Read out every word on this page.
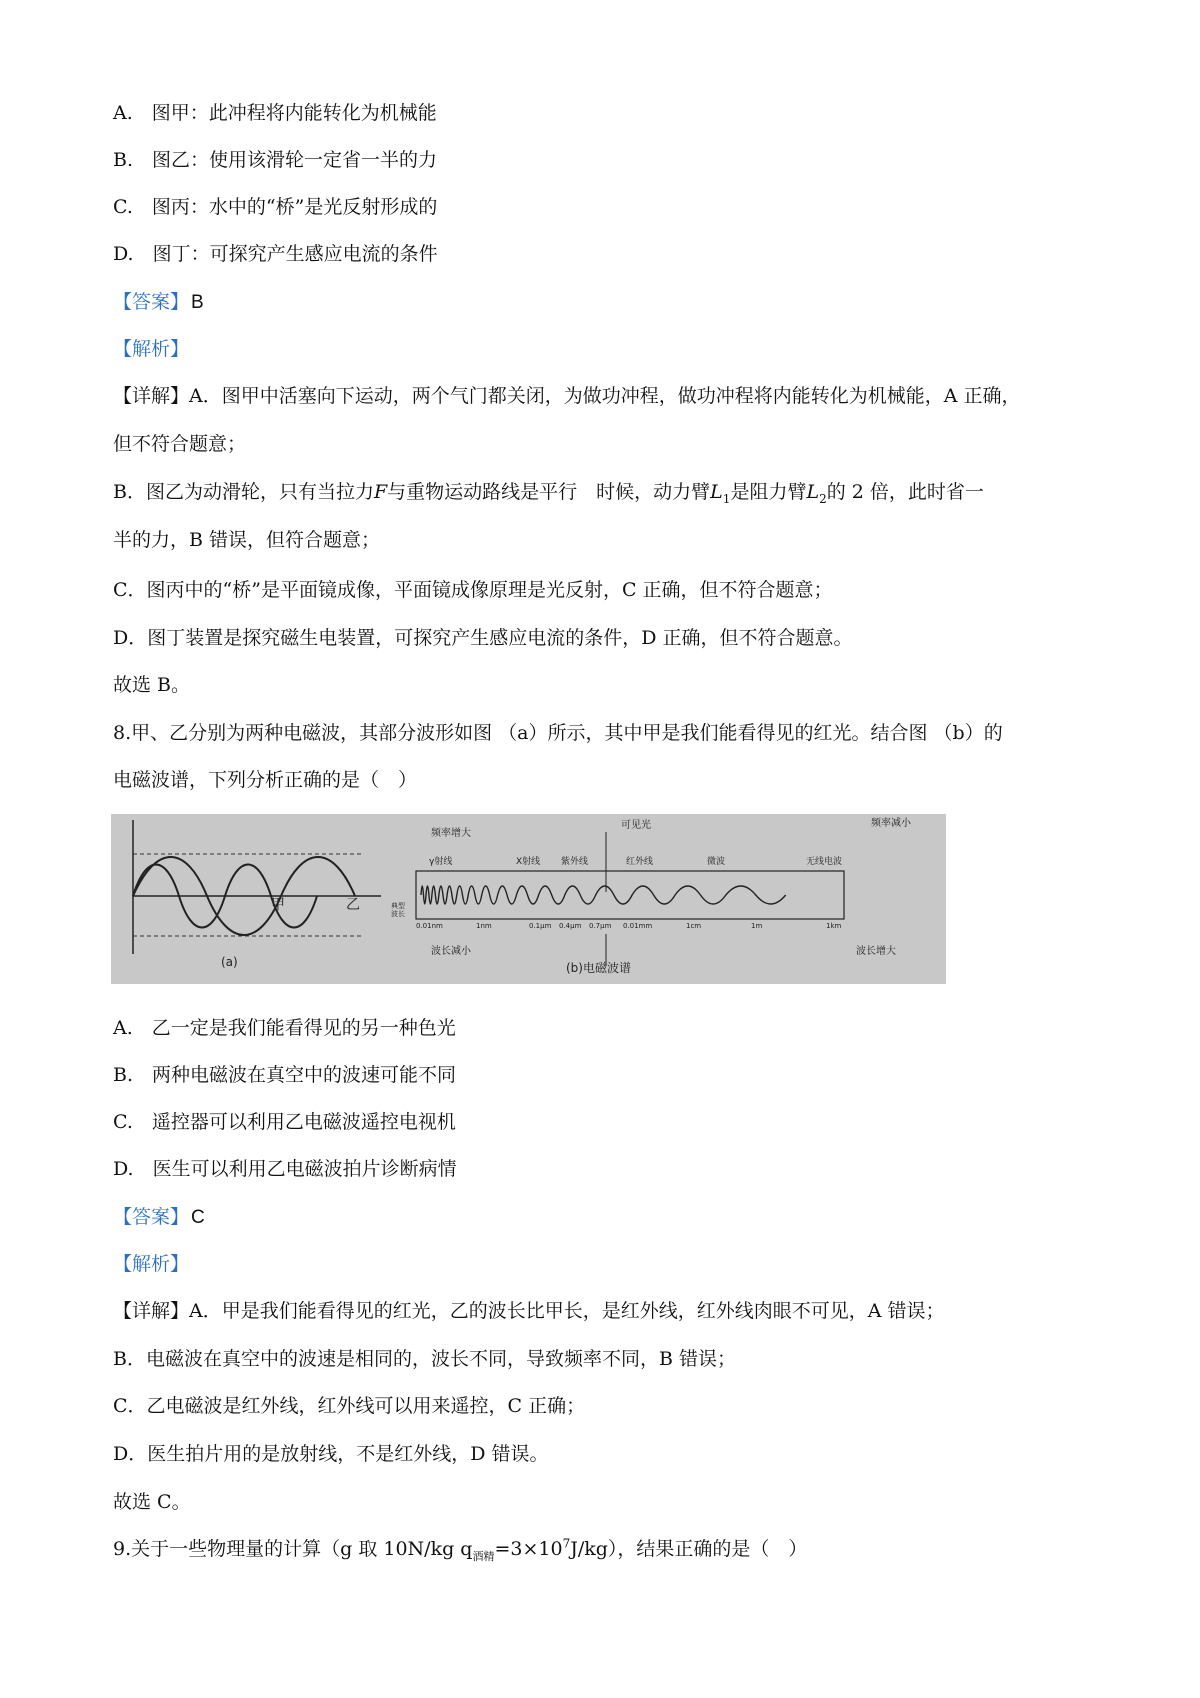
A.　 图甲：此冲程将内能转化为机械能
B.　 图乙：使用该滑轮一定省一半的力
C.　 图丙：水中的“桥”是光反射形成的
D.　 图丁：可探究产生感应电流的条件
【答案】 B
【解析】
【详解】A．图甲中活塞向下运动，两个气门都关闭，为做功冲程，做功冲程将内能转化为机械能，A 正确，
但不符合题意；
B．图乙为动滑轮，只有当拉力F与重物运动路线是平行　时候，动力臂$L_1$是阻力臂$L_2$的 2 倍，此时省一
半的力，B 错误，但符合题意；
C．图丙中的“桥”是平面镜成像，平面镜成像原理是光反射，C 正确，但不符合题意；
D．图丁装置是探究磁生电装置，可探究产生感应电流的条件，D 正确，但不符合题意。
故选 B。
8.甲、乙分别为两种电磁波，其部分波形如图 （a）所示，其中甲是我们能看得见的红光。结合图 （b）的
电磁波谱，下列分析正确的是（　）
甲	乙
(a)
频率增大
频率减小
可见光
γ射线	X射线 紫外线	红外线	微波	无线电波
典型
波长
0.01nm	1nm	0.1μm 0.4μm 0.7μm 0.01mm	1cm	1m	1km
波长减小	波长增大
(b)电磁波谱
A.　 乙一定是我们能看得见的另一种色光
B.　 两种电磁波在真空中的波速可能不同
C.　 遥控器可以利用乙电磁波遥控电视机
D.　 医生可以利用乙电磁波拍片诊断病情
【答案】 C
【解析】
【详解】A．甲是我们能看得见的红光，乙的波长比甲长，是红外线，红外线肉眼不可见，A 错误；
B．电磁波在真空中的波速是相同的，波长不同，导致频率不同，B 错误；
C．乙电磁波是红外线，红外线可以用来遥控，C 正确；
D．医生拍片用的是放射线，不是红外线，D 错误。
故选 C。
9.关于一些物理量的计算（g 取 10N/kg $q_{酒精}=3\times 10^7J/kg$），结果正确的是（　）
